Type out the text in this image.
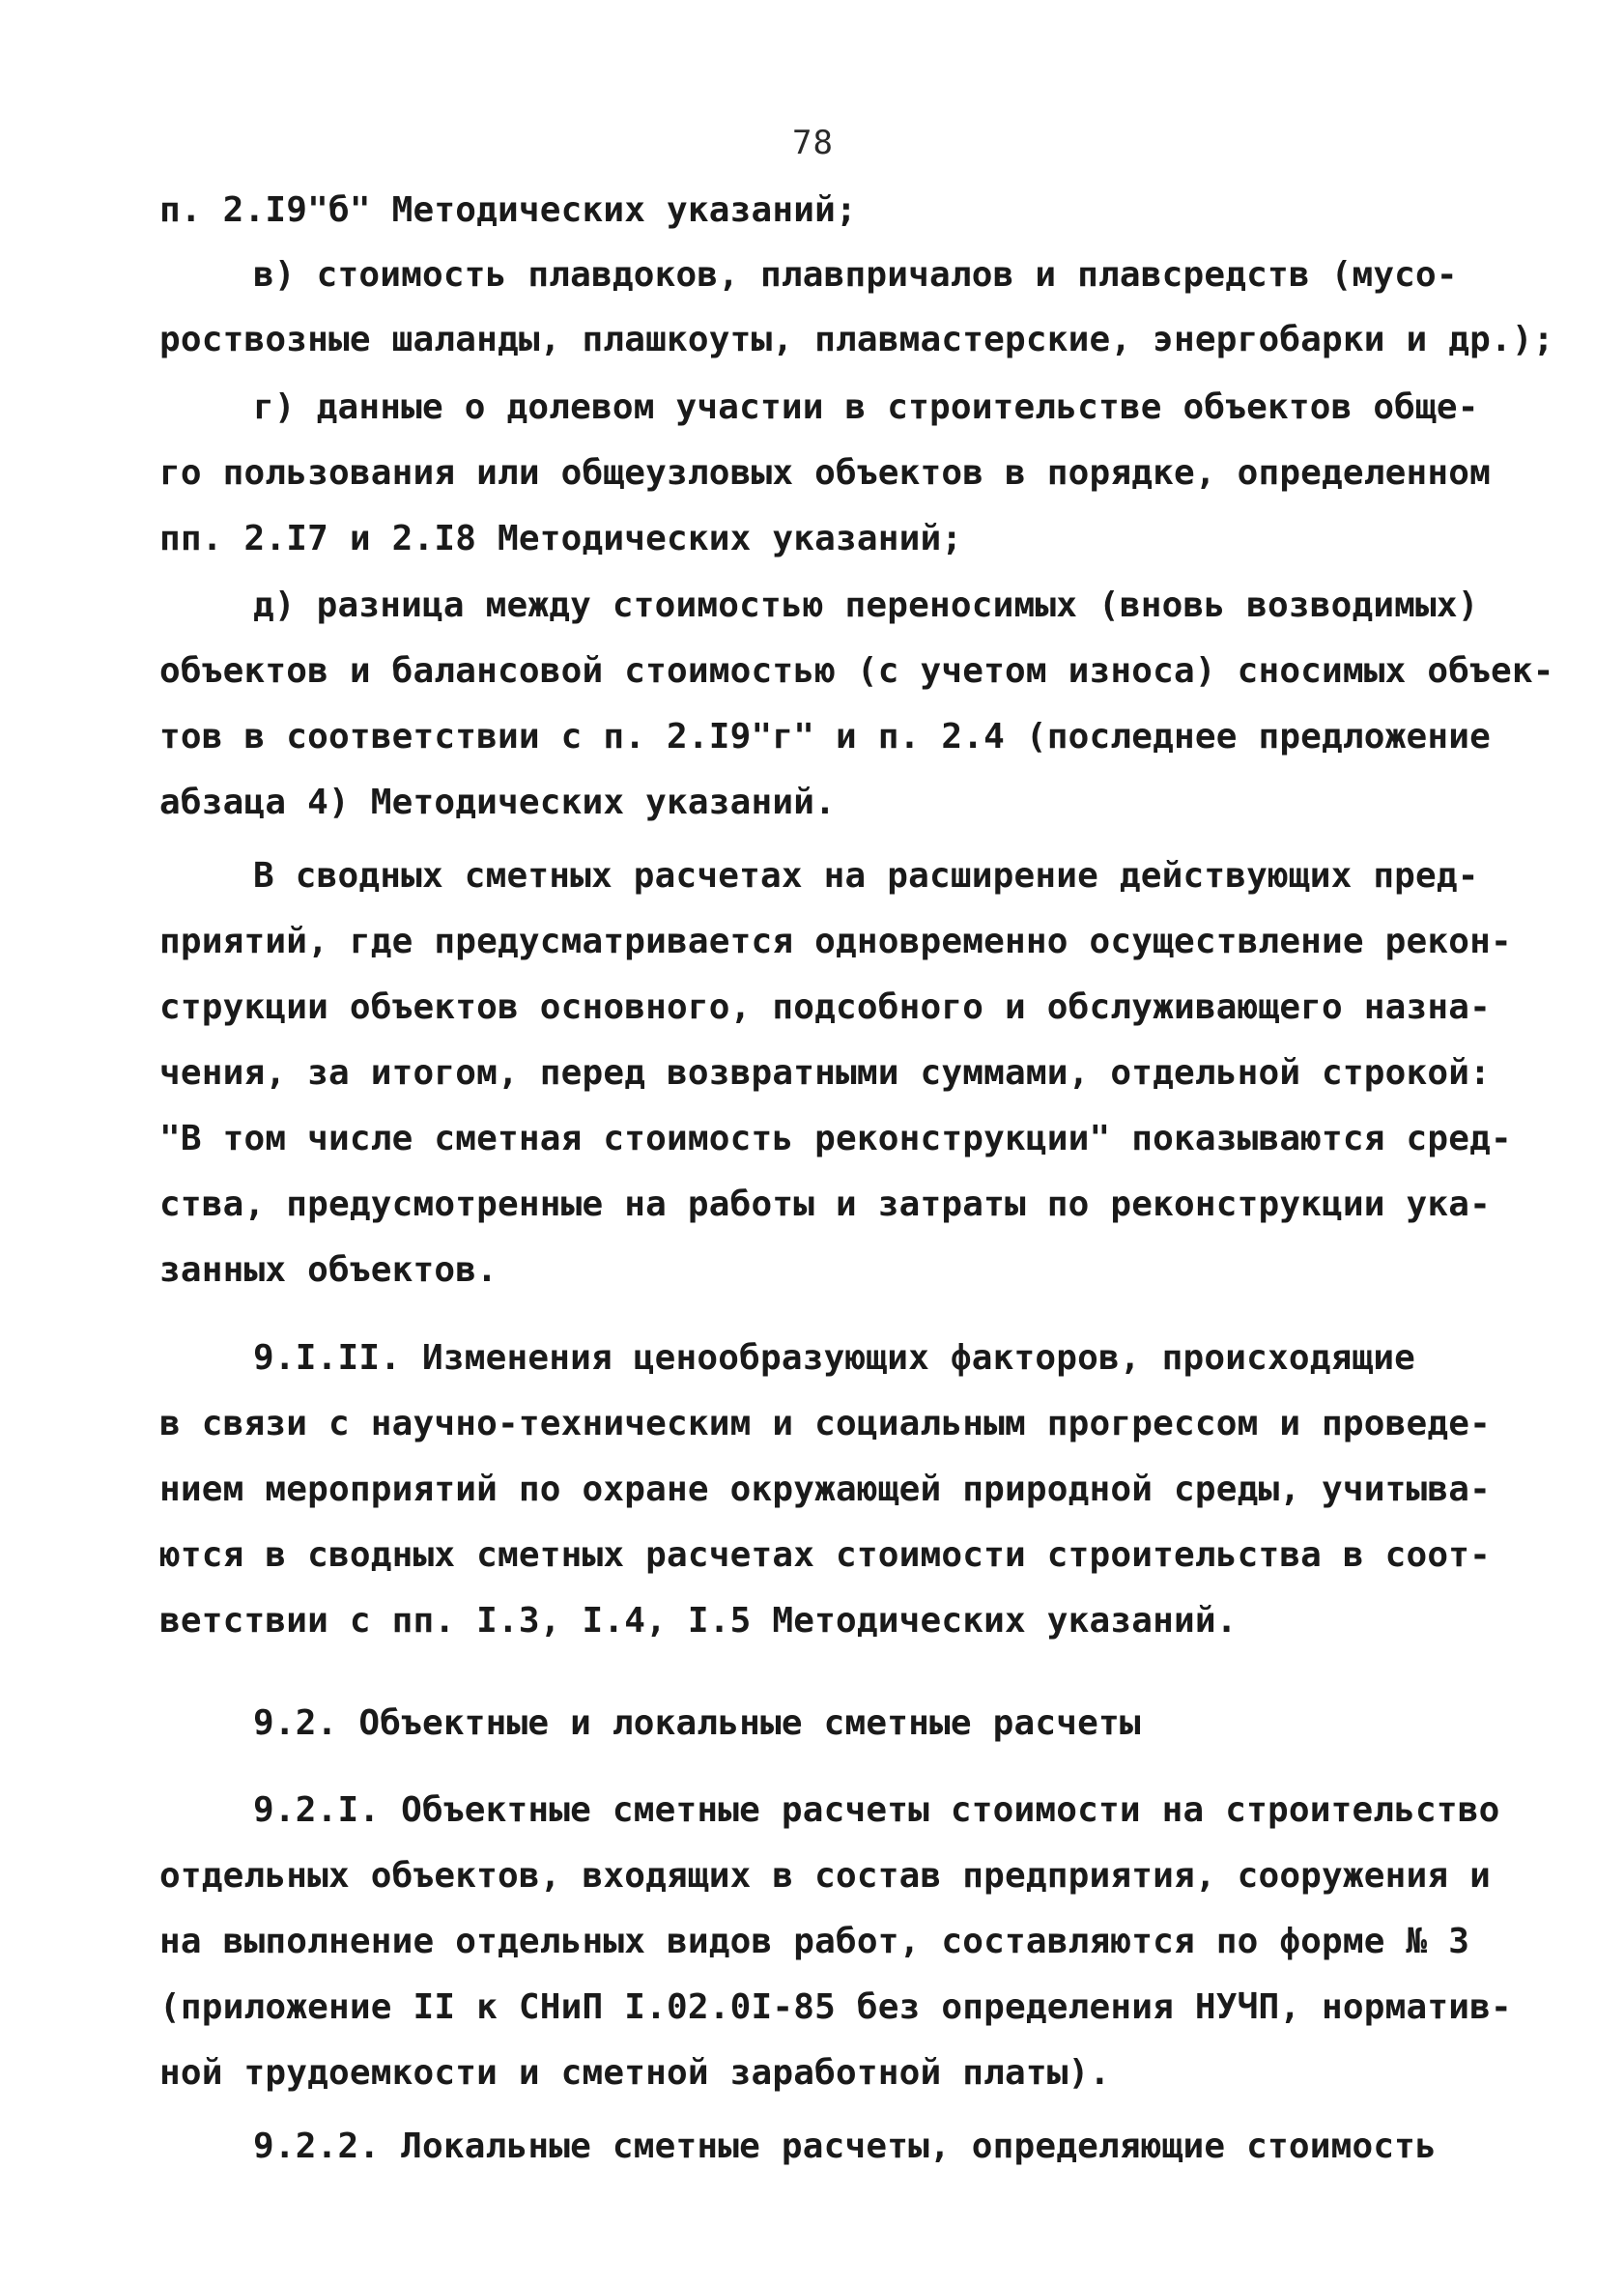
78
п. 2.I9"б" Методических указаний;
в) стоимость плавдоков, плавпричалов и плавсредств (мусо-
роствозные шаланды, плашкоуты, плавмастерские, энергобарки и др.);
г) данные о долевом участии в строительстве объектов обще-
го пользования или общеузловых объектов в порядке, определенном
пп. 2.I7 и 2.I8 Методических указаний;
д) разница между стоимостью переносимых (вновь возводимых)
объектов и балансовой стоимостью (с учетом износа) сносимых объек-
тов в соответствии с п. 2.I9"г" и п. 2.4 (последнее предложение
абзаца 4) Методических указаний.
В сводных сметных расчетах на расширение действующих пред-
приятий, где предусматривается одновременно осуществление рекон-
струкции объектов основного, подсобного и обслуживающего назна-
чения, за итогом, перед возвратными суммами, отдельной строкой:
"В том числе сметная стоимость реконструкции" показываются сред-
ства, предусмотренные на работы и затраты по реконструкции ука-
занных объектов.
9.I.II. Изменения ценообразующих факторов, происходящие
в связи с научно-техническим и социальным прогрессом и проведе-
нием мероприятий по охране окружающей природной среды, учитыва-
ются в сводных сметных расчетах стоимости строительства в соот-
ветствии с пп. I.3, I.4, I.5 Методических указаний.
9.2. Объектные и локальные сметные расчеты
9.2.I. Объектные сметные расчеты стоимости на строительство
отдельных объектов, входящих в состав предприятия, сооружения и
на выполнение отдельных видов работ, составляются по форме № 3
(приложение II к СНиП I.02.0I-85 без определения НУЧП, норматив-
ной трудоемкости и сметной заработной платы).
9.2.2. Локальные сметные расчеты, определяющие стоимость
